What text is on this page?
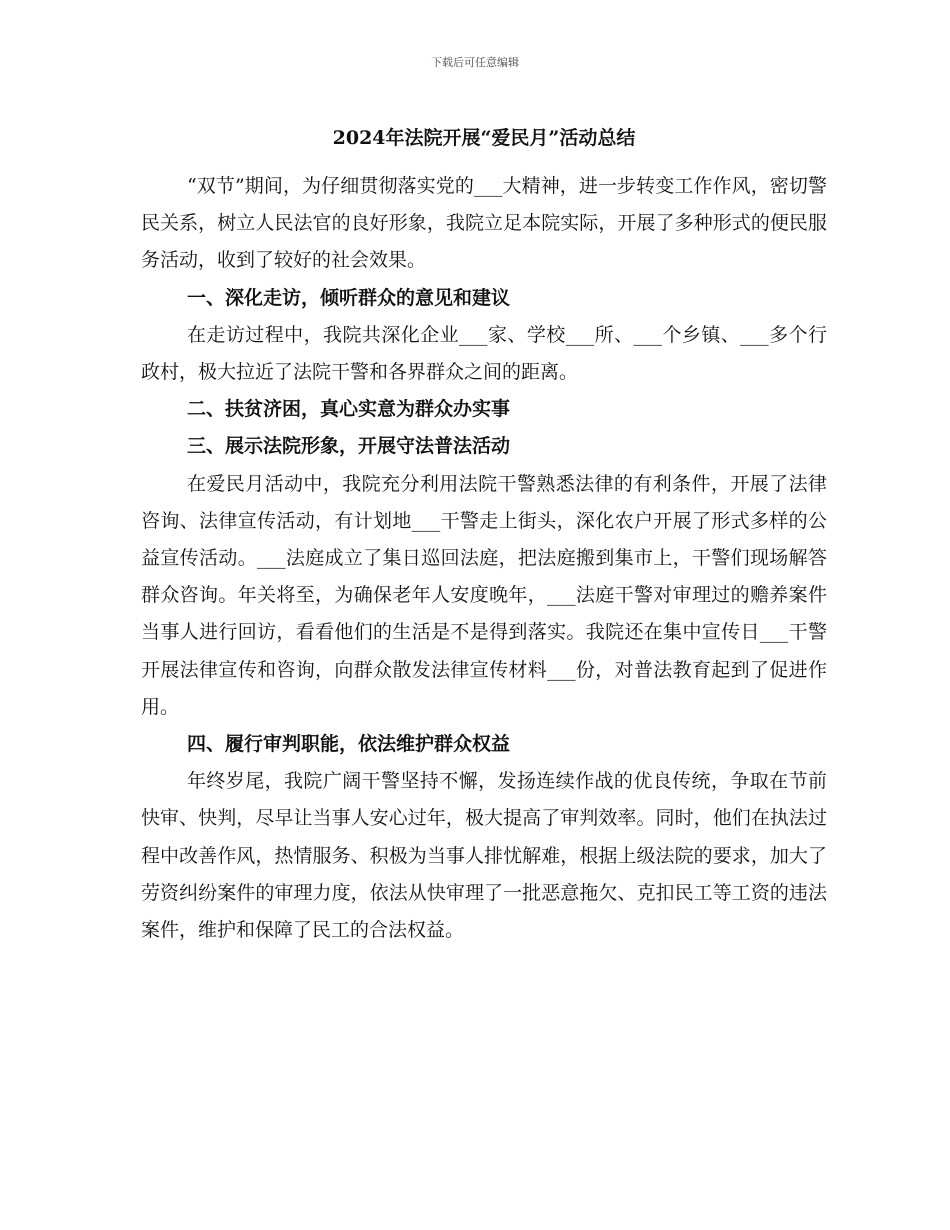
下载后可任意编辑
2024年法院开展“爱民月”活动总结

“双节”期间，为仔细贯彻落实党的___大精神，进一步转变工作作风，密切警民关系，树立人民法官的良好形象，我院立足本院实际，开展了多种形式的便民服务活动，收到了较好的社会效果。

一、深化走访，倾听群众的意见和建议

在走访过程中，我院共深化企业___家、学校___所、___个乡镇、___多个行政村，极大拉近了法院干警和各界群众之间的距离。

二、扶贫济困，真心实意为群众办实事

三、展示法院形象，开展守法普法活动

在爱民月活动中，我院充分利用法院干警熟悉法律的有利条件，开展了法律咨询、法律宣传活动，有计划地___干警走上街头，深化农户开展了形式多样的公益宣传活动。___法庭成立了集日巡回法庭，把法庭搬到集市上，干警们现场解答群众咨询。年关将至，为确保老年人安度晚年，___法庭干警对审理过的赡养案件当事人进行回访，看看他们的生活是不是得到落实。我院还在集中宣传日___干警开展法律宣传和咨询，向群众散发法律宣传材料___份，对普法教育起到了促进作用。

四、履行审判职能，依法维护群众权益

年终岁尾，我院广阔干警坚持不懈，发扬连续作战的优良传统，争取在节前快审、快判，尽早让当事人安心过年，极大提高了审判效率。同时，他们在执法过程中改善作风，热情服务、积极为当事人排忧解难，根据上级法院的要求，加大了劳资纠纷案件的审理力度，依法从快审理了一批恶意拖欠、克扣民工等工资的违法案件，维护和保障了民工的合法权益。
